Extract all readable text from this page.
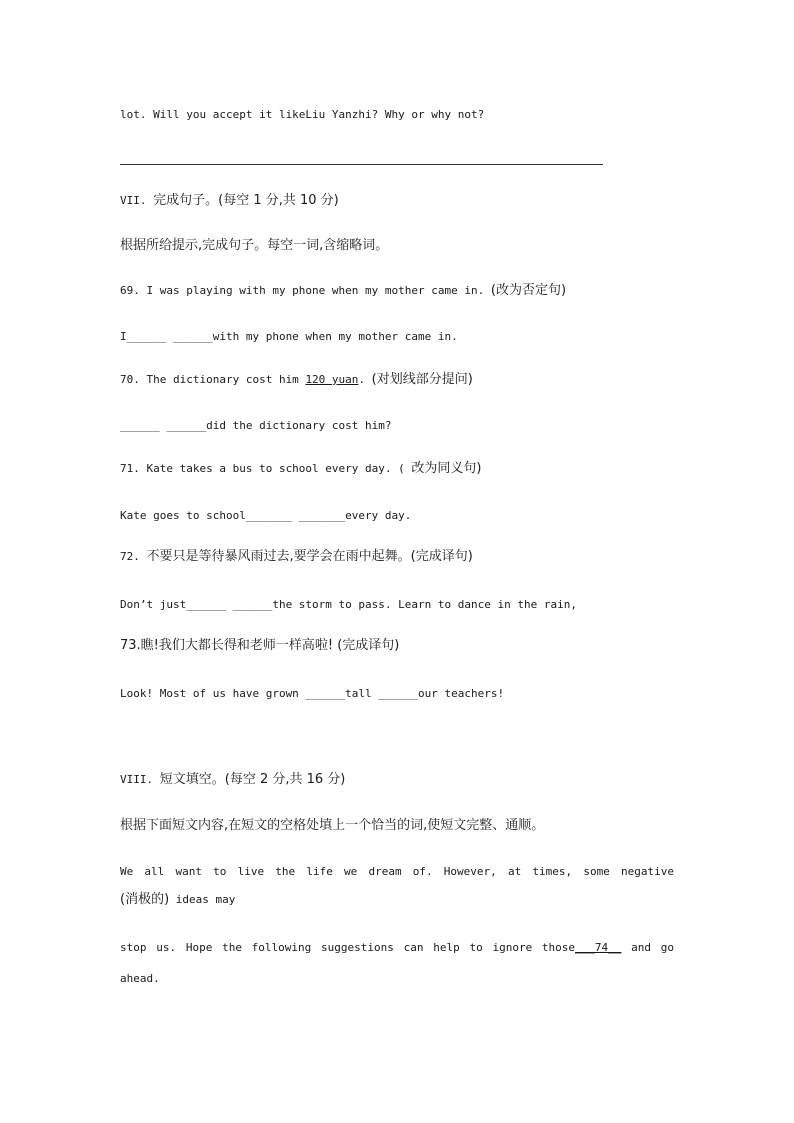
lot. Will you accept it likeLiu Yanzhi? Why or why not?
VII. 完成句子。(每空 1 分,共 10 分)
根据所给提示,完成句子。每空一词,含缩略词。
69. I was playing with my phone when my mother came in. (改为否定句)
I______ ______with my phone when my mother came in.
70. The dictionary cost him 120 yuan. (对划线部分提问)
______ ______did the dictionary cost him?
71. Kate takes a bus to school every day. ( 改为同义句)
Kate goes to school_______ _______every day.
72. 不要只是等待暴风雨过去,要学会在雨中起舞。(完成译句)
Don’t just______ ______the storm to pass. Learn to dance in the rain,
73.瞧!我们大都长得和老师一样高啦! (完成译句)
Look! Most of us have grown ______tall ______our teachers!
VIII. 短文填空。(每空 2 分,共 16 分)
根据下面短文内容,在短文的空格处填上一个恰当的词,使短文完整、通顺。
We all want to live the life we dream of. However, at times, some negative
(消极的) ideas may
stop us. Hope the following suggestions can help to ignore those___74__ and go
ahead.
